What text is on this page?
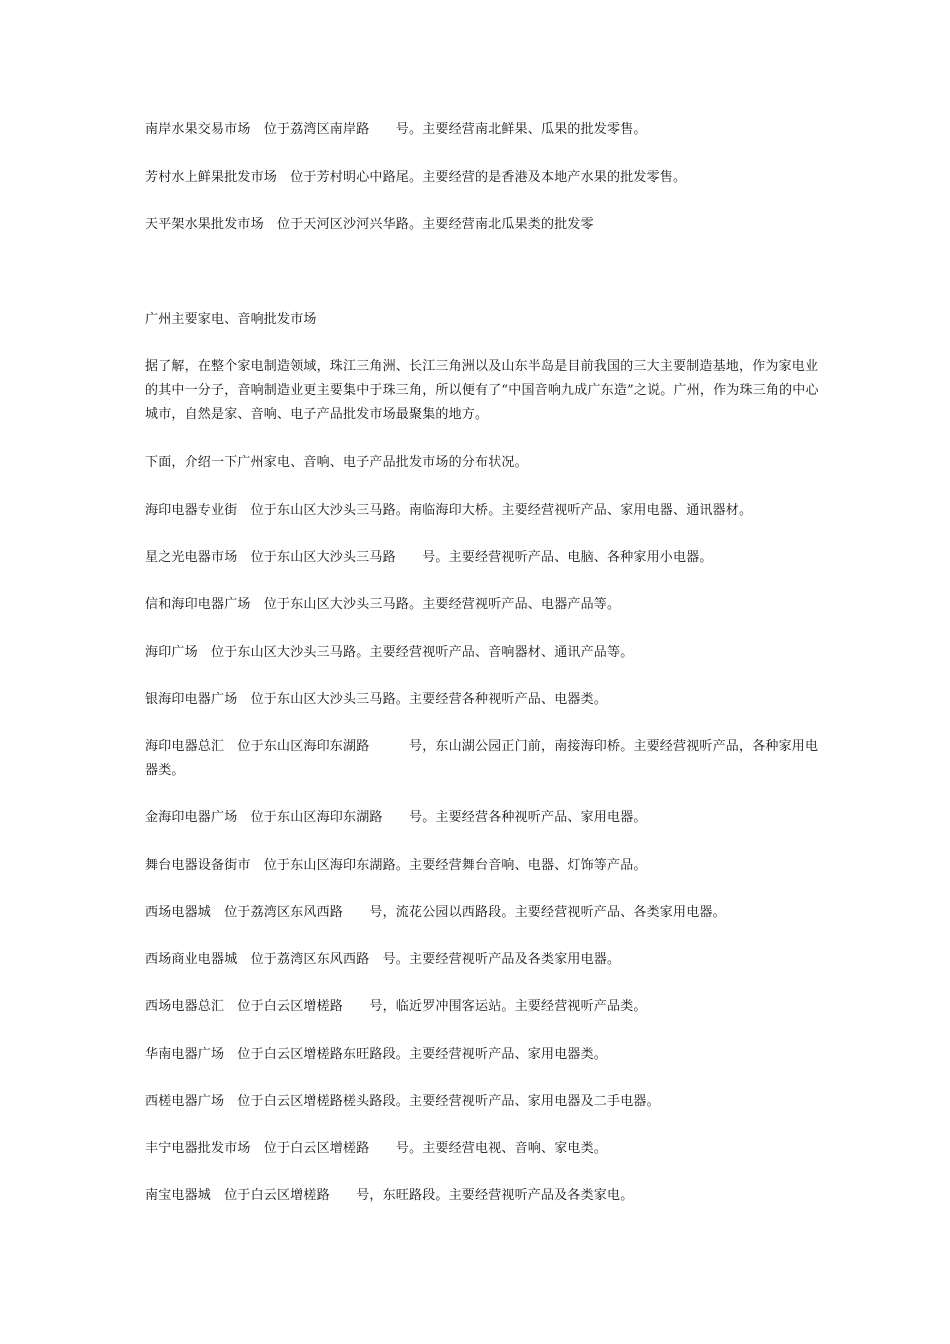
南岸水果交易市场　位于荔湾区南岸路　　号。主要经营南北鲜果、瓜果的批发零售。

芳村水上鲜果批发市场　位于芳村明心中路尾。主要经营的是香港及本地产水果的批发零售。

天平架水果批发市场　位于天河区沙河兴华路。主要经营南北瓜果类的批发零

广州主要家电、音响批发市场

据了解，在整个家电制造领域，珠江三角洲、长江三角洲以及山东半岛是目前我国的三大主要制造基地，作为家电业的其中一分子，音响制造业更主要集中于珠三角，所以便有了“中国音响九成广东造”之说。广州，作为珠三角的中心城市，自然是家、音响、电子产品批发市场最聚集的地方。

下面，介绍一下广州家电、音响、电子产品批发市场的分布状况。

海印电器专业街　位于东山区大沙头三马路。南临海印大桥。主要经营视听产品、家用电器、通讯器材。

星之光电器市场　位于东山区大沙头三马路　　号。主要经营视听产品、电脑、各种家用小电器。

信和海印电器广场　位于东山区大沙头三马路。主要经营视听产品、电器产品等。

海印广场　位于东山区大沙头三马路。主要经营视听产品、音响器材、通讯产品等。

银海印电器广场　位于东山区大沙头三马路。主要经营各种视听产品、电器类。

海印电器总汇　位于东山区海印东湖路　　　号，东山湖公园正门前，南接海印桥。主要经营视听产品，各种家用电器类。

金海印电器广场　位于东山区海印东湖路　　号。主要经营各种视听产品、家用电器。

舞台电器设备街市　位于东山区海印东湖路。主要经营舞台音响、电器、灯饰等产品。

西场电器城　位于荔湾区东风西路　　号，流花公园以西路段。主要经营视听产品、各类家用电器。

西场商业电器城　位于荔湾区东风西路　号。主要经营视听产品及各类家用电器。

西场电器总汇　位于白云区增槎路　　号，临近罗冲围客运站。主要经营视听产品类。

华南电器广场　位于白云区增槎路东旺路段。主要经营视听产品、家用电器类。

西槎电器广场　位于白云区增槎路槎头路段。主要经营视听产品、家用电器及二手电器。

丰宁电器批发市场　位于白云区增槎路　　号。主要经营电视、音响、家电类。

南宝电器城　位于白云区增槎路　　号，东旺路段。主要经营视听产品及各类家电。
